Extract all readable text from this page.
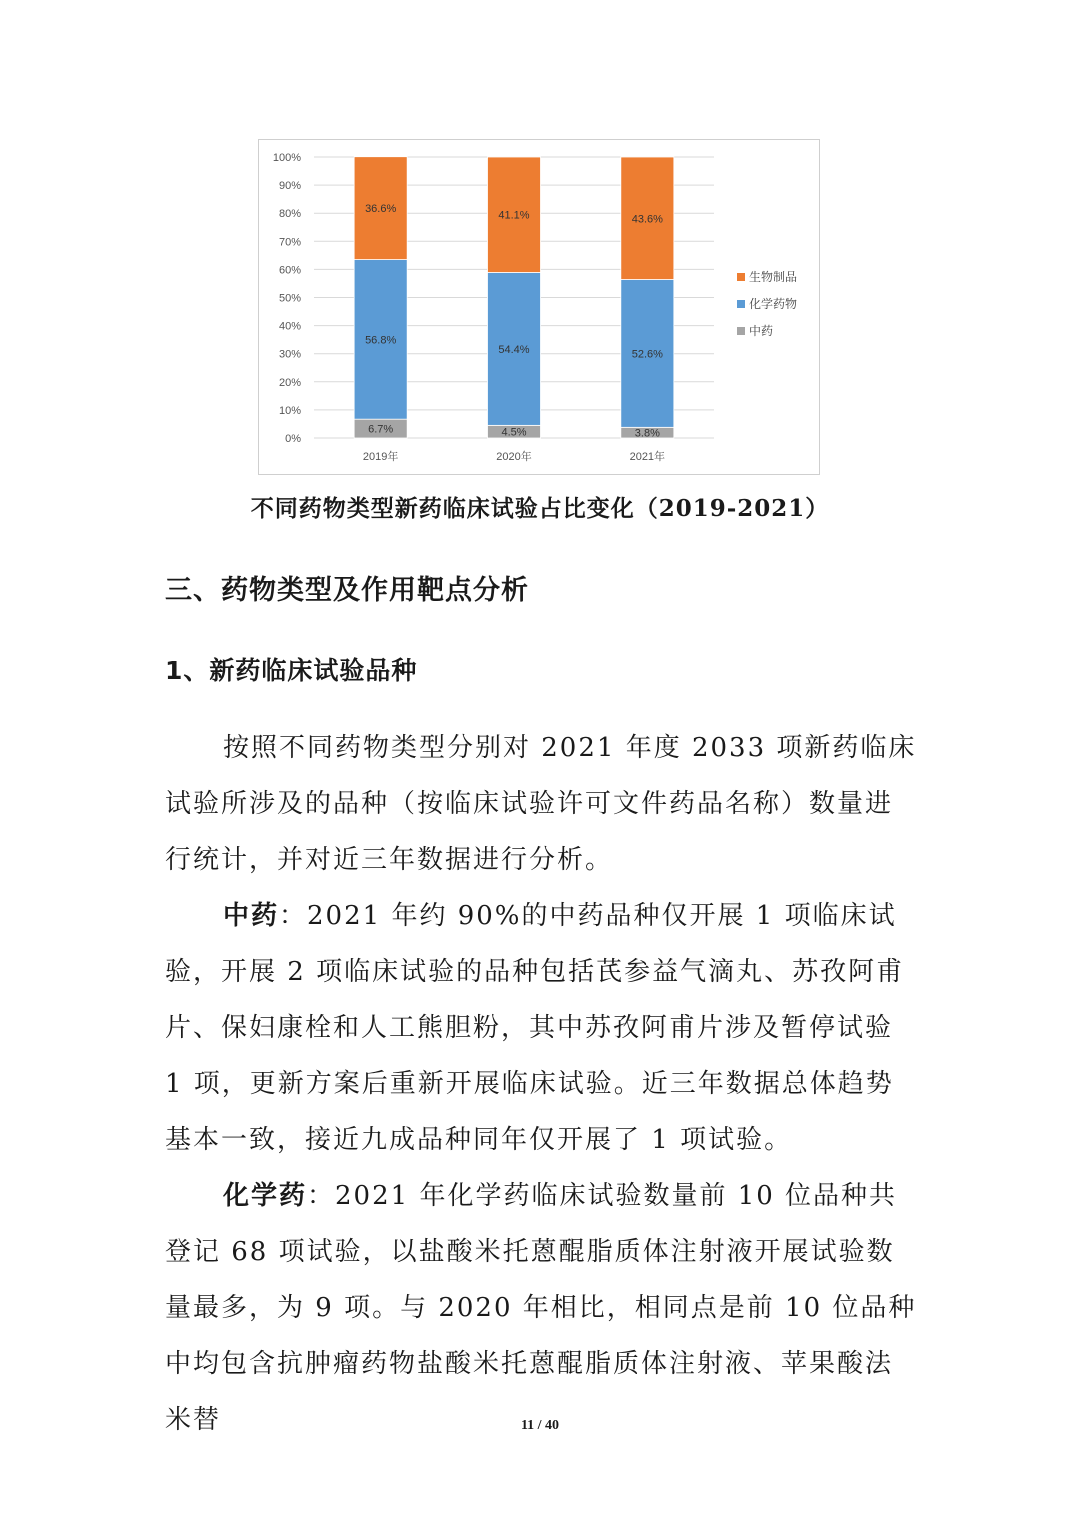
0%
10%
20%
30%
40%
50%
60%
70%
80%
90%
100%
6.7%
56.8%
36.6%
2019年
4.5%
54.4%
41.1%
2020年
3.8%
52.6%
43.6%
2021年
生物制品
化学药物
中药
不同药物类型新药临床试验占比变化（2019-2021）
三、药物类型及作用靶点分析
1、新药临床试验品种

按照不同药物类型分别对 2021 年度 2033 项新药临床试验所涉及的品种（按临床试验许可文件药品名称）数量进行统计，并对近三年数据进行分析。

中药：2021 年约 90%的中药品种仅开展 1 项临床试验，开展 2 项临床试验的品种包括芪参益气滴丸、苏孜阿甫片、保妇康栓和人工熊胆粉，其中苏孜阿甫片涉及暂停试验 1 项，更新方案后重新开展临床试验。近三年数据总体趋势基本一致，接近九成品种同年仅开展了 1 项试验。

化学药：2021 年化学药临床试验数量前 10 位品种共登记 68 项试验，以盐酸米托蒽醌脂质体注射液开展试验数量最多，为 9 项。与 2020 年相比，相同点是前 10 位品种中均包含抗肿瘤药物盐酸米托蒽醌脂质体注射液、苹果酸法米替	11 / 40
